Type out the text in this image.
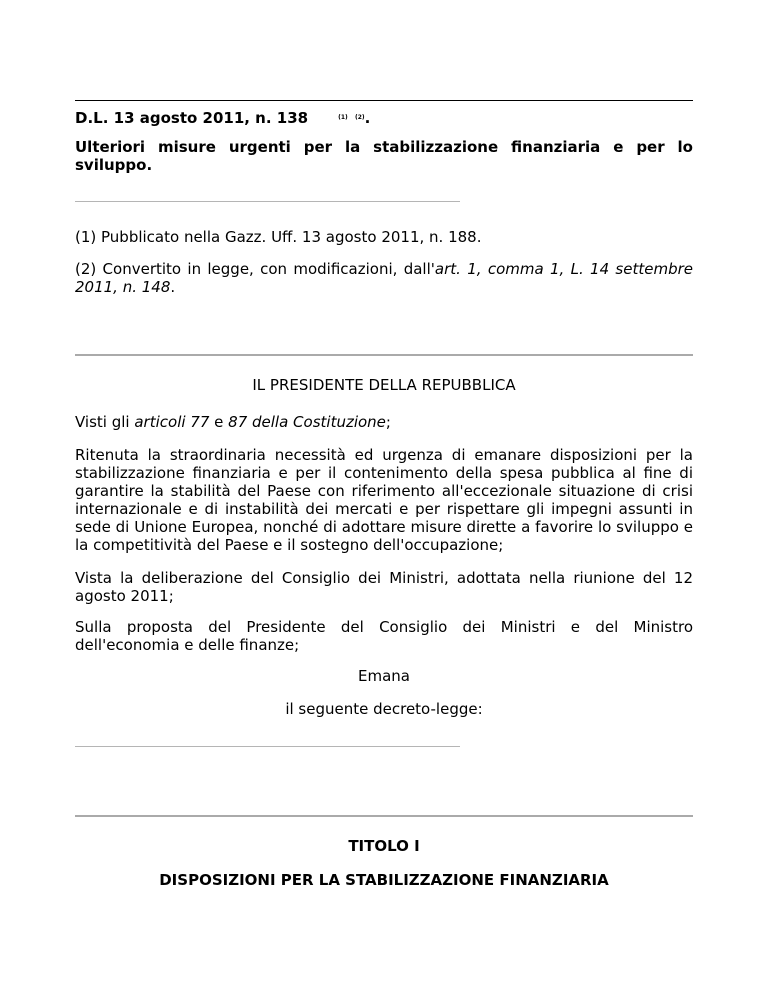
D.L. 13 agosto 2011, n. 138	$^{(1)}$ $^{(2)}$.
Ulteriori misure urgenti per la stabilizzazione finanziaria e per lo sviluppo.
(1) Pubblicato nella Gazz. Uff. 13 agosto 2011, n. 188.
(2) Convertito in legge, con modificazioni, dall'art. 1, comma 1, L. 14 settembre 2011, n. 148.
IL PRESIDENTE DELLA REPUBBLICA
Visti gli articoli 77 e 87 della Costituzione;
Ritenuta la straordinaria necessità ed urgenza di emanare disposizioni per la stabilizzazione finanziaria e per il contenimento della spesa pubblica al fine di garantire la stabilità del Paese con riferimento all'eccezionale situazione di crisi internazionale e di instabilità dei mercati e per rispettare gli impegni assunti in sede di Unione Europea, nonché di adottare misure dirette a favorire lo sviluppo e la competitività del Paese e il sostegno dell'occupazione;
Vista la deliberazione del Consiglio dei Ministri, adottata nella riunione del 12 agosto 2011;
Sulla proposta del Presidente del Consiglio dei Ministri e del Ministro dell'economia e delle finanze;
Emana
il seguente decreto-legge:
TITOLO I
DISPOSIZIONI PER LA STABILIZZAZIONE FINANZIARIA
